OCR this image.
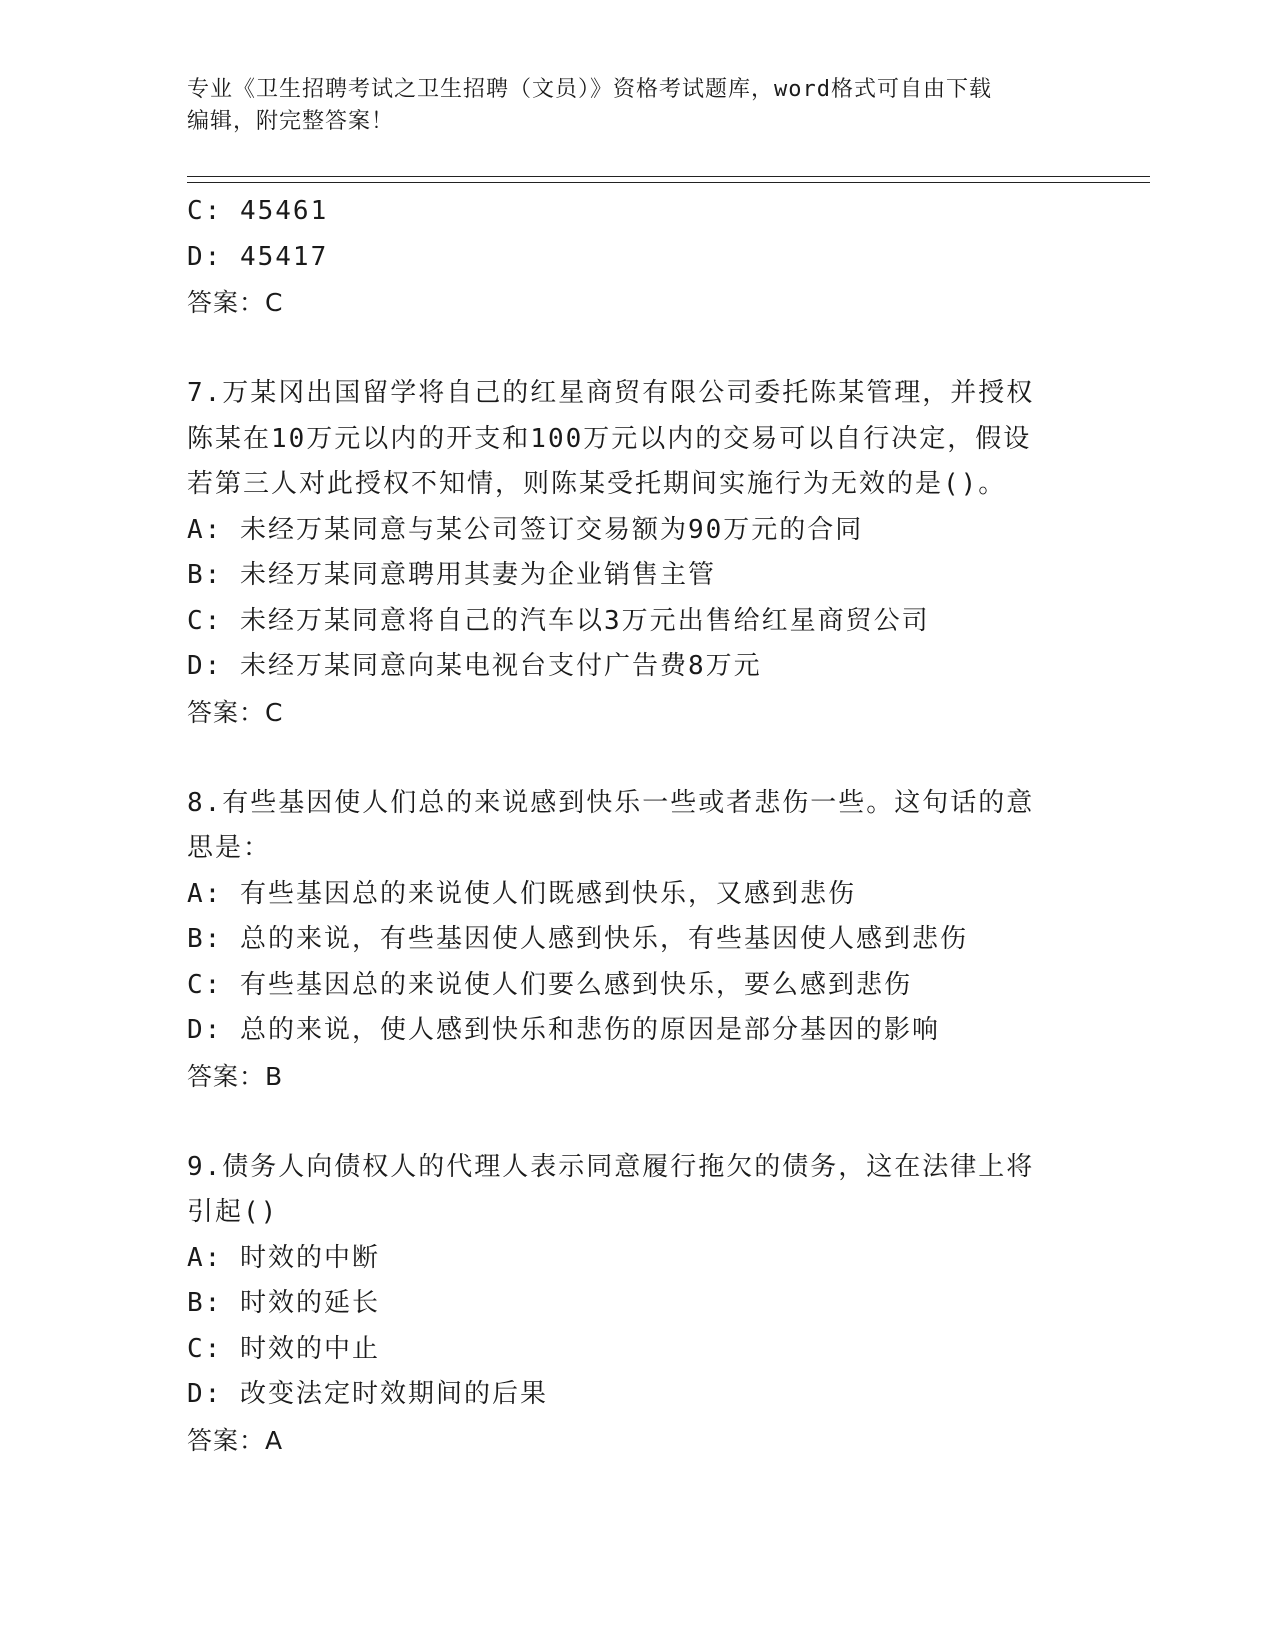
专业《卫生招聘考试之卫生招聘（文员）》资格考试题库，word格式可自由下载
编辑，附完整答案！
C: 45461
D: 45417
答案：C
7.万某冈出国留学将自己的红星商贸有限公司委托陈某管理，并授权
陈某在10万元以内的开支和100万元以内的交易可以自行决定，假设
若第三人对此授权不知情，则陈某受托期间实施行为无效的是()。
A: 未经万某同意与某公司签订交易额为90万元的合同
B: 未经万某同意聘用其妻为企业销售主管
C: 未经万某同意将自己的汽车以3万元出售给红星商贸公司
D: 未经万某同意向某电视台支付广告费8万元
答案：C
8.有些基因使人们总的来说感到快乐一些或者悲伤一些。这句话的意
思是：
A: 有些基因总的来说使人们既感到快乐，又感到悲伤
B: 总的来说，有些基因使人感到快乐，有些基因使人感到悲伤
C: 有些基因总的来说使人们要么感到快乐，要么感到悲伤
D: 总的来说，使人感到快乐和悲伤的原因是部分基因的影响
答案：B
9.债务人向债权人的代理人表示同意履行拖欠的债务，这在法律上将
引起()
A: 时效的中断
B: 时效的延长
C: 时效的中止
D: 改变法定时效期间的后果
答案：A
